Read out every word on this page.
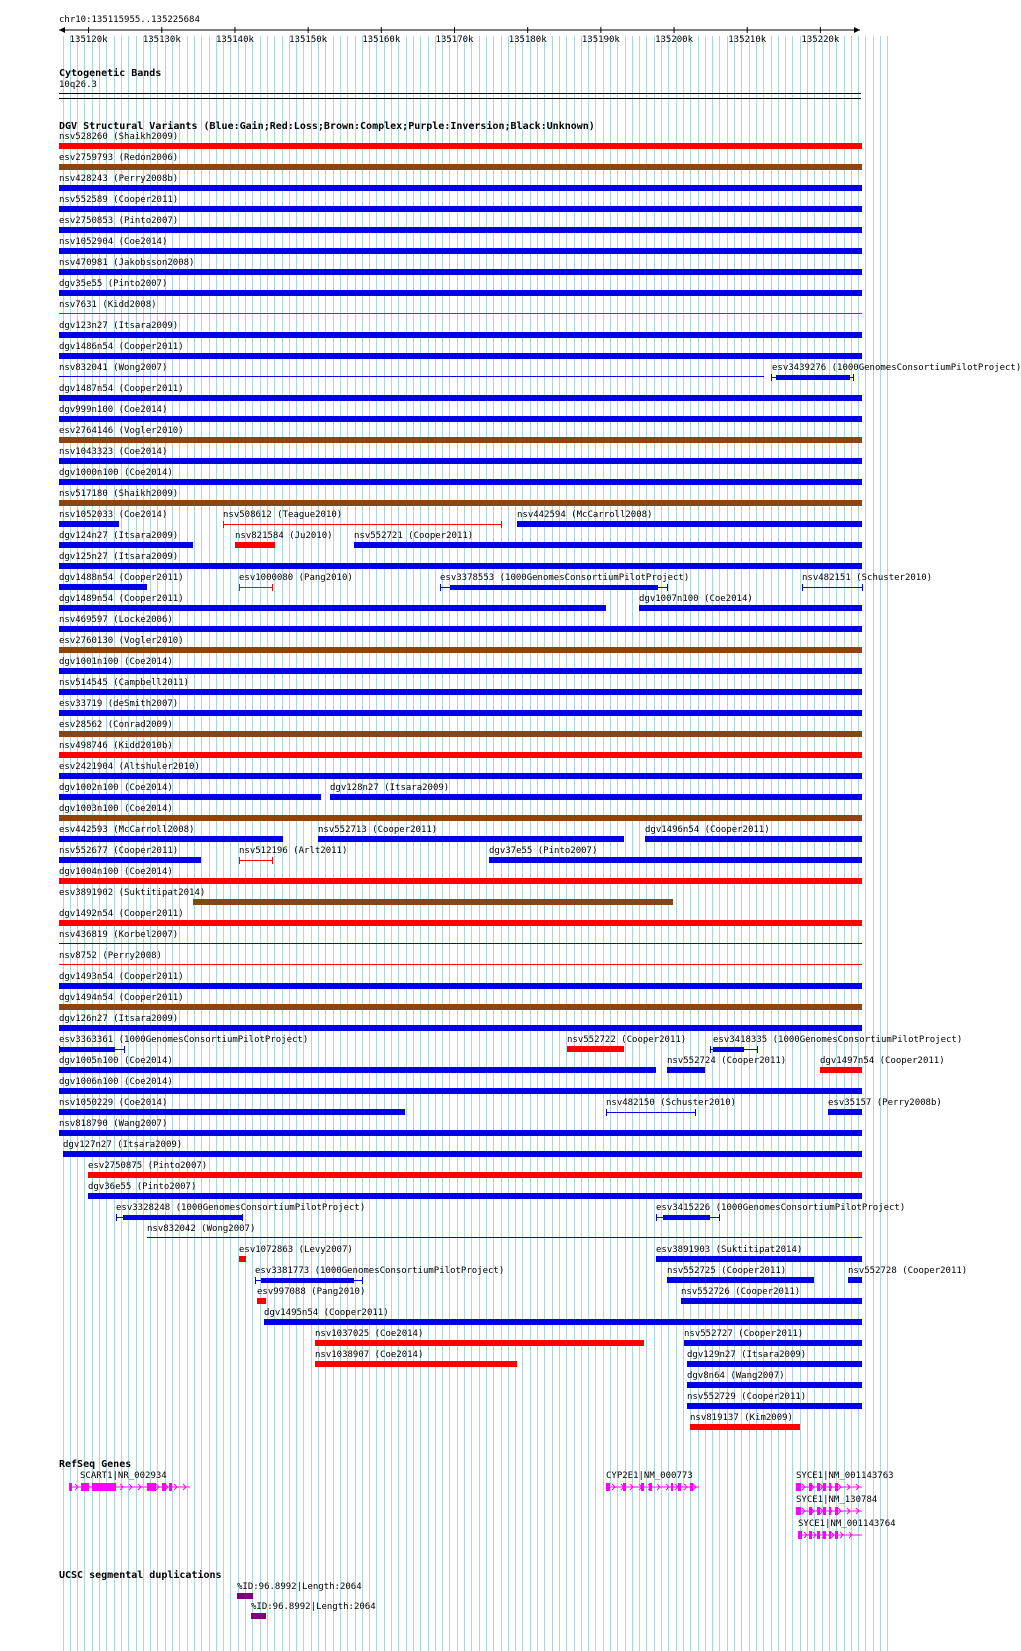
chr10:135115955..135225684
135120k	135130k	135140k	135150k	135160k	135170k	135180k	135190k	135200k	135210k	135220k
Cytogenetic Bands
10q26.3
DGV Structural Variants (Blue:Gain;Red:Loss;Brown:Complex;Purple:Inversion;Black:Unknown)
nsv528260 (Shaikh2009)
esv2759793 (Redon2006)
nsv428243 (Perry2008b)
nsv552589 (Cooper2011)
esv2750853 (Pinto2007)
nsv1052904 (Coe2014)
nsv470981 (Jakobsson2008)
dgv35e55 (Pinto2007)
nsv7631 (Kidd2008)
dgv123n27 (Itsara2009)
dgv1486n54 (Cooper2011)
nsv832041 (Wong2007)	esv3439276 (1000GenomesConsortiumPilotProject)
dgv1487n54 (Cooper2011)
dgv999n100 (Coe2014)
esv2764146 (Vogler2010)
nsv1043323 (Coe2014)
dgv1000n100 (Coe2014)
nsv517180 (Shaikh2009)
nsv1052033 (Coe2014)	nsv508612 (Teague2010)	nsv442594 (McCarroll2008)
dgv124n27 (Itsara2009)	nsv821584 (Ju2010) nsv552721 (Cooper2011)
dgv125n27 (Itsara2009)
dgv1488n54 (Cooper2011)	esv1000080 (Pang2010)	esv3378553 (1000GenomesConsortiumPilotProject)	nsv482151 (Schuster2010)
dgv1489n54 (Cooper2011)	dgv1007n100 (Coe2014)
nsv469597 (Locke2006)
esv2760130 (Vogler2010)
dgv1001n100 (Coe2014)
nsv514545 (Campbell2011)
esv33719 (deSmith2007)
esv28562 (Conrad2009)
nsv498746 (Kidd2010b)
esv2421904 (Altshuler2010)
dgv1002n100 (Coe2014)	dgv128n27 (Itsara2009)
dgv1003n100 (Coe2014)
esv442593 (McCarroll2008)	nsv552713 (Cooper2011)	dgv1496n54 (Cooper2011)
nsv552677 (Cooper2011)	nsv512196 (Arlt2011)	dgv37e55 (Pinto2007)
dgv1004n100 (Coe2014)
esv3891902 (Suktitipat2014)
dgv1492n54 (Cooper2011)
nsv436819 (Korbel2007)
nsv8752 (Perry2008)
dgv1493n54 (Cooper2011)
dgv1494n54 (Cooper2011)
dgv126n27 (Itsara2009)
esv3363361 (1000GenomesConsortiumPilotProject)	nsv552722 (Cooper2011)	esv3418335 (1000GenomesConsortiumPilotProject)
dgv1005n100 (Coe2014)	nsv552724 (Cooper2011)	dgv1497n54 (Cooper2011)
dgv1006n100 (Coe2014)
nsv1050229 (Coe2014)	nsv482150 (Schuster2010)	esv35157 (Perry2008b)
nsv818790 (Wang2007)
dgv127n27 (Itsara2009)
esv2750875 (Pinto2007)
dgv36e55 (Pinto2007)
esv3328248 (1000GenomesConsortiumPilotProject)	esv3415226 (1000GenomesConsortiumPilotProject)
nsv832042 (Wong2007)
esv1072863 (Levy2007)	esv3891903 (Suktitipat2014)
esv3381773 (1000GenomesConsortiumPilotProject)	nsv552725 (Cooper2011)	nsv552728 (Cooper2011)
esv997088 (Pang2010)	nsv552726 (Cooper2011)
dgv1495n54 (Cooper2011)
nsv1037025 (Coe2014)	nsv552727 (Cooper2011)
nsv1038907 (Coe2014)	dgv129n27 (Itsara2009)
dgv8n64 (Wang2007)
nsv552729 (Cooper2011)
nsv819137 (Kim2009)
RefSeq Genes
SCART1|NR_002934	CYP2E1|NM_000773	SYCE1|NM_001143763
SYCE1|NM_130784
SYCE1|NM_001143764
UCSC segmental duplications
%ID:96.8992|Length:2064
%ID:96.8992|Length:2064
